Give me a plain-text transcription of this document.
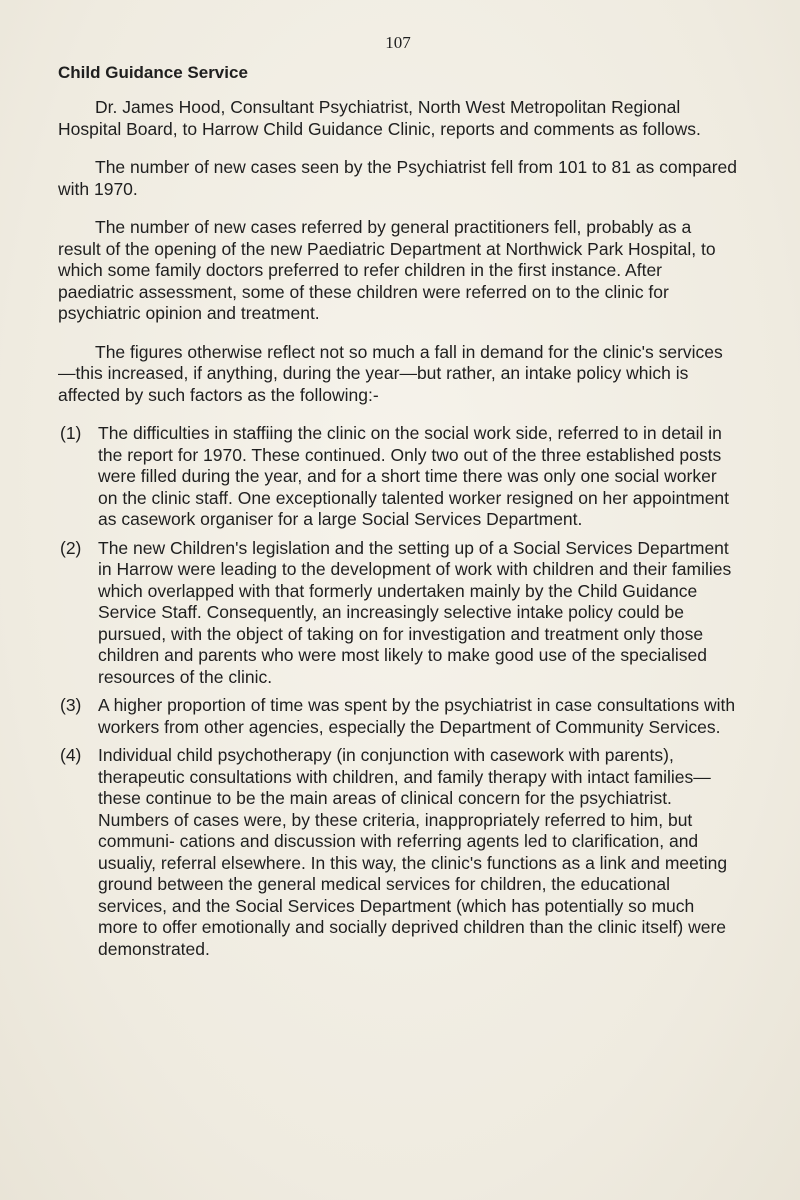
107
Child Guidance Service

Dr. James Hood, Consultant Psychiatrist, North West Metropolitan Regional Hospital Board, to Harrow Child Guidance Clinic, reports and comments as follows.

The number of new cases seen by the Psychiatrist fell from 101 to 81 as compared with 1970.

The number of new cases referred by general practitioners fell, probably as a result of the opening of the new Paediatric Department at Northwick Park Hospital, to which some family doctors preferred to refer children in the first instance. After paediatric assessment, some of these children were referred on to the clinic for psychiatric opinion and treatment.

The figures otherwise reflect not so much a fall in demand for the clinic's services—this increased, if anything, during the year—but rather, an intake policy which is affected by such factors as the following:-

(1) The difficulties in staffiing the clinic on the social work side, referred to in detail in the report for 1970. These continued. Only two out of the three established posts were filled during the year, and for a short time there was only one social worker on the clinic staff. One exceptionally talented worker resigned on her appointment as casework organiser for a large Social Services Department.
(2) The new Children's legislation and the setting up of a Social Services Department in Harrow were leading to the development of work with children and their families which overlapped with that formerly undertaken mainly by the Child Guidance Service Staff. Consequently, an increasingly selective intake policy could be pursued, with the object of taking on for investigation and treatment only those children and parents who were most likely to make good use of the specialised resources of the clinic.
(3) A higher proportion of time was spent by the psychiatrist in case consultations with workers from other agencies, especially the Department of Community Services.
(4) Individual child psychotherapy (in conjunction with casework with parents), therapeutic consultations with children, and family therapy with intact families—these continue to be the main areas of clinical concern for the psychiatrist. Numbers of cases were, by these criteria, inappropriately referred to him, but communi- cations and discussion with referring agents led to clarification, and usualiy, referral elsewhere. In this way, the clinic's functions as a link and meeting ground between the general medical services for children, the educational services, and the Social Services Department (which has potentially so much more to offer emotionally and socially deprived children than the clinic itself) were demonstrated.
